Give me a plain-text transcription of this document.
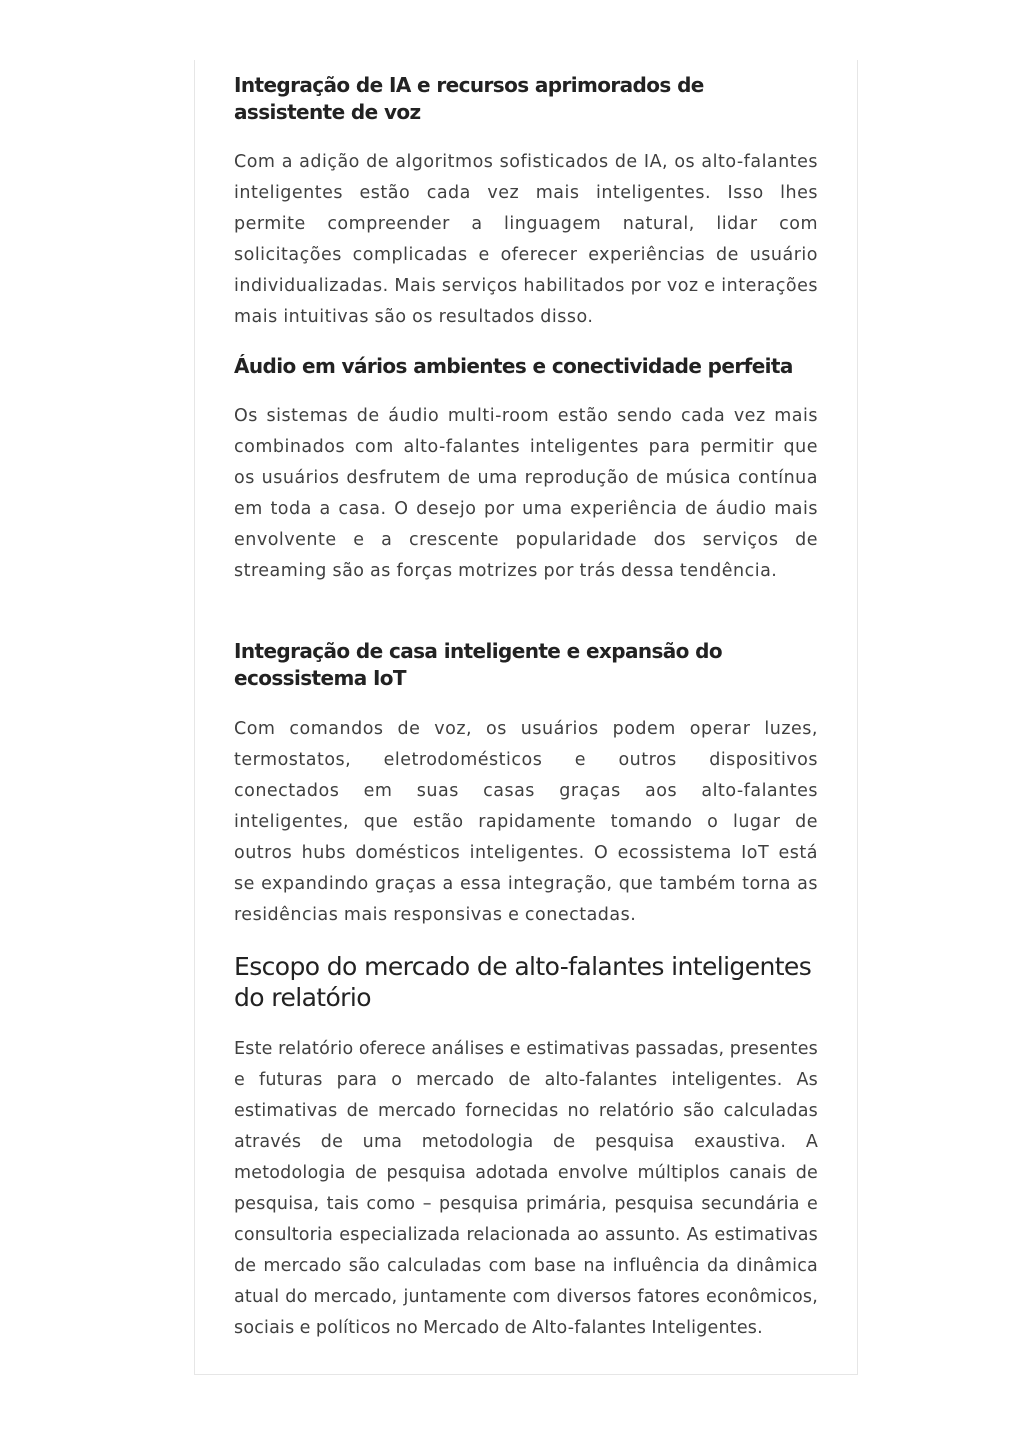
Integração de IA e recursos aprimorados de assistente de voz

Com a adição de algoritmos sofisticados de IA, os alto-falantes inteligentes estão cada vez mais inteligentes. Isso lhes permite compreender a linguagem natural, lidar com solicitações complicadas e oferecer experiências de usuário individualizadas. Mais serviços habilitados por voz e interações mais intuitivas são os resultados disso.

Áudio em vários ambientes e conectividade perfeita

Os sistemas de áudio multi-room estão sendo cada vez mais combinados com alto-falantes inteligentes para permitir que os usuários desfrutem de uma reprodução de música contínua em toda a casa. O desejo por uma experiência de áudio mais envolvente e a crescente popularidade dos serviços de streaming são as forças motrizes por trás dessa tendência.

Integração de casa inteligente e expansão do ecossistema IoT

Com comandos de voz, os usuários podem operar luzes, termostatos, eletrodomésticos e outros dispositivos conectados em suas casas graças aos alto-falantes inteligentes, que estão rapidamente tomando o lugar de outros hubs domésticos inteligentes. O ecossistema IoT está se expandindo graças a essa integração, que também torna as residências mais responsivas e conectadas.

Escopo do mercado de alto-falantes inteligentes do relatório

Este relatório oferece análises e estimativas passadas, presentes e futuras para o mercado de alto-falantes inteligentes. As estimativas de mercado fornecidas no relatório são calculadas através de uma metodologia de pesquisa exaustiva. A metodologia de pesquisa adotada envolve múltiplos canais de pesquisa, tais como – pesquisa primária, pesquisa secundária e consultoria especializada relacionada ao assunto. As estimativas de mercado são calculadas com base na influência da dinâmica atual do mercado, juntamente com diversos fatores econômicos, sociais e políticos no Mercado de Alto-falantes Inteligentes.
